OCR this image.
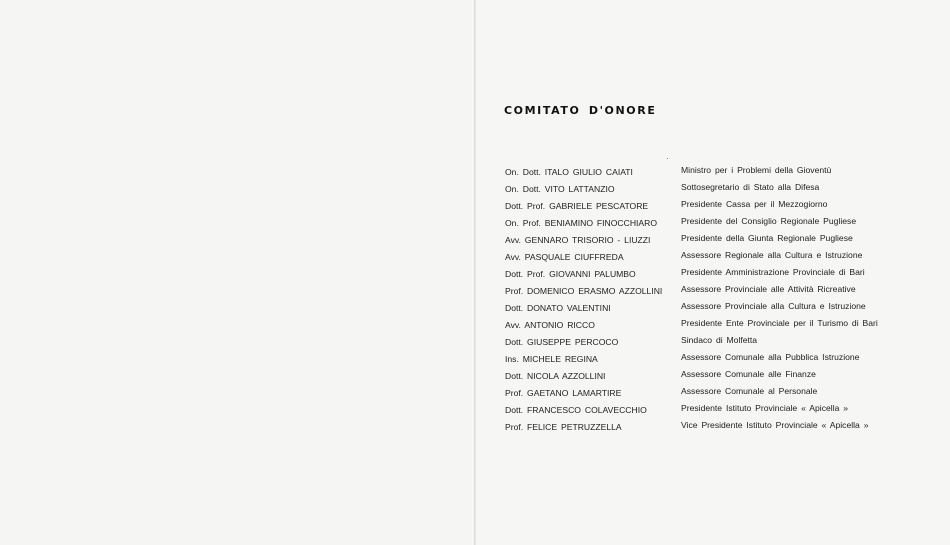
COMITATO D'ONORE
On. Dott. ITALO GIULIO CAIATI	Ministro per i Problemi della Gioventù
On. Dott. VITO LATTANZIO	Sottosegretario di Stato alla Difesa
Dott. Prof. GABRIELE PESCATORE	Presidente Cassa per il Mezzogiorno
On. Prof. BENIAMINO FINOCCHIARO	Presidente del Consiglio Regionale Pugliese
Avv. GENNARO TRISORIO - LIUZZI	Presidente della Giunta Regionale Pugliese
Avv. PASQUALE CIUFFREDA	Assessore Regionale alla Cultura e Istruzione
Dott. Prof. GIOVANNI PALUMBO	Presidente Amministrazione Provinciale di Bari
Prof. DOMENICO ERASMO AZZOLLINI Assessore Provinciale alle Attività Ricreative
Dott. DONATO VALENTINI	Assessore Provinciale alla Cultura e Istruzione
Avv. ANTONIO RICCO	Presidente Ente Provinciale per il Turismo di Bari
Dott. GIUSEPPE PERCOCO	Sindaco di Molfetta
Ins. MICHELE REGINA	Assessore Comunale alla Pubblica Istruzione
Dott. NICOLA AZZOLLINI	Assessore Comunale alle Finanze
Prof. GAETANO LAMARTIRE	Assessore Comunale al Personale
Dott. FRANCESCO COLAVECCHIO	Presidente Istituto Provinciale « Apicella »
Prof. FELICE PETRUZZELLA	Vice Presidente Istituto Provinciale « Apicella »
